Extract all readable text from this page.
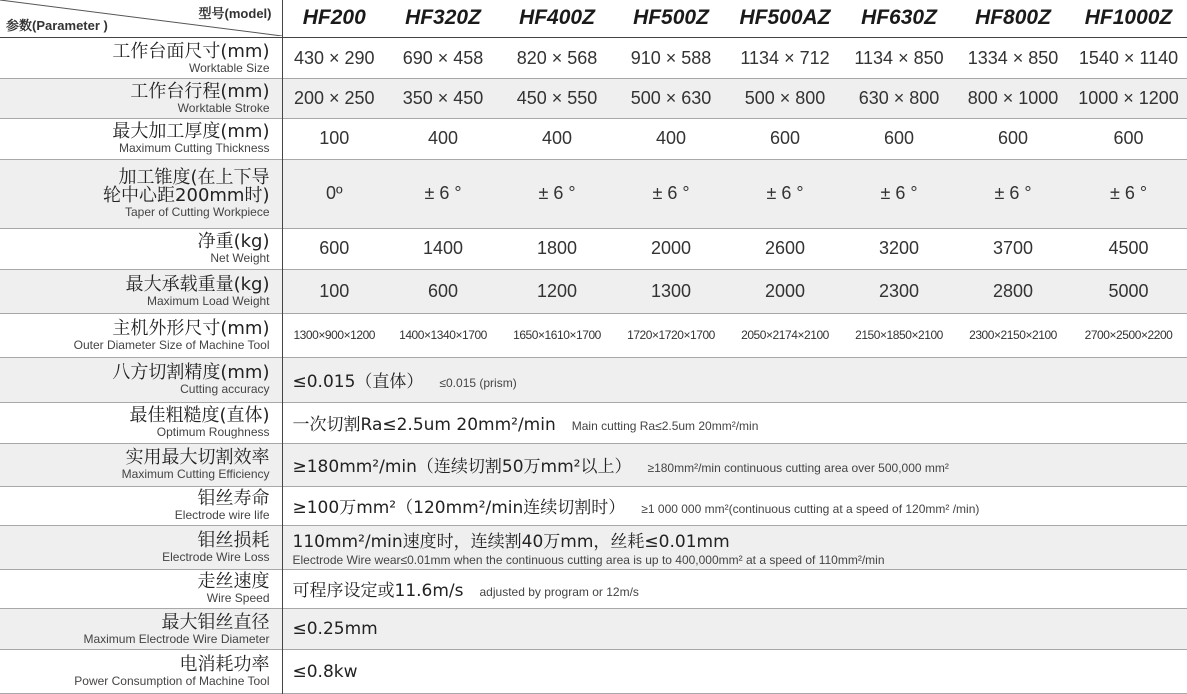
型号(model)
参数(Parameter )	HF200	HF320Z	HF400Z	HF500Z	HF500AZ	HF630Z	HF800Z	HF1000Z

工作台面尺寸(mm)
Worktable Size	430 × 290	690 × 458	820 × 568	910 × 588	1134 × 712	1134 × 850	1334 × 850	1540 × 1140

工作台行程(mm)
Worktable Stroke	200 × 250	350 × 450	450 × 550	500 × 630	500 × 800	630 × 800	800 × 1000	1000 × 1200

最大加工厚度(mm)
Maximum Cutting Thickness	100	400	400	400	600	600	600	600

加工锥度(在上下导
轮中心距200mm时)
Taper of Cutting Workpiece	0º	± 6 °	± 6 °	± 6 °	± 6 °	± 6 °	± 6 °	± 6 °

净重(kg)
Net Weight	600	1400	1800	2000	2600	3200	3700	4500

最大承载重量(kg)
Maximum Load Weight	100	600	1200	1300	2000	2300	2800	5000

主机外形尺寸(mm)
Outer Diameter Size of Machine Tool	1300×900×1200	1400×1340×1700	1650×1610×1700	1720×1720×1700	2050×2174×2100	2150×1850×2100	2300×2150×2100	2700×2500×2200

八方切割精度(mm)
Cutting accuracy	≤0.015（直体） ≤0.015 (prism)							

最佳粗糙度(直体)
Optimum Roughness	一次切割Ra≤2.5um 20mm²/min Main cutting Ra≤2.5um 20mm²/min							

实用最大切割效率
Maximum Cutting Efficiency	≥180mm²/min（连续切割50万mm²以上） ≥180mm²/min continuous cutting area over 500,000 mm²							

钼丝寿命
Electrode wire life	≥100万mm²（120mm²/min连续切割时） ≥1 000 000 mm²(continuous cutting at a speed of 120mm² /min)							

钼丝损耗
Electrode Wire Loss	110mm²/min速度时，连续割40万mm，丝耗≤0.01mm
Electrode Wire wear≤0.01mm when the continuous cutting area is up to 400,000mm² at a speed of 110mm²/min							

走丝速度
Wire Speed	可程序设定或11.6m/s adjusted by program or 12m/s							

最大钼丝直径
Maximum Electrode Wire Diameter	≤0.25mm							

电消耗功率
Power Consumption of Machine Tool	≤0.8kw							
